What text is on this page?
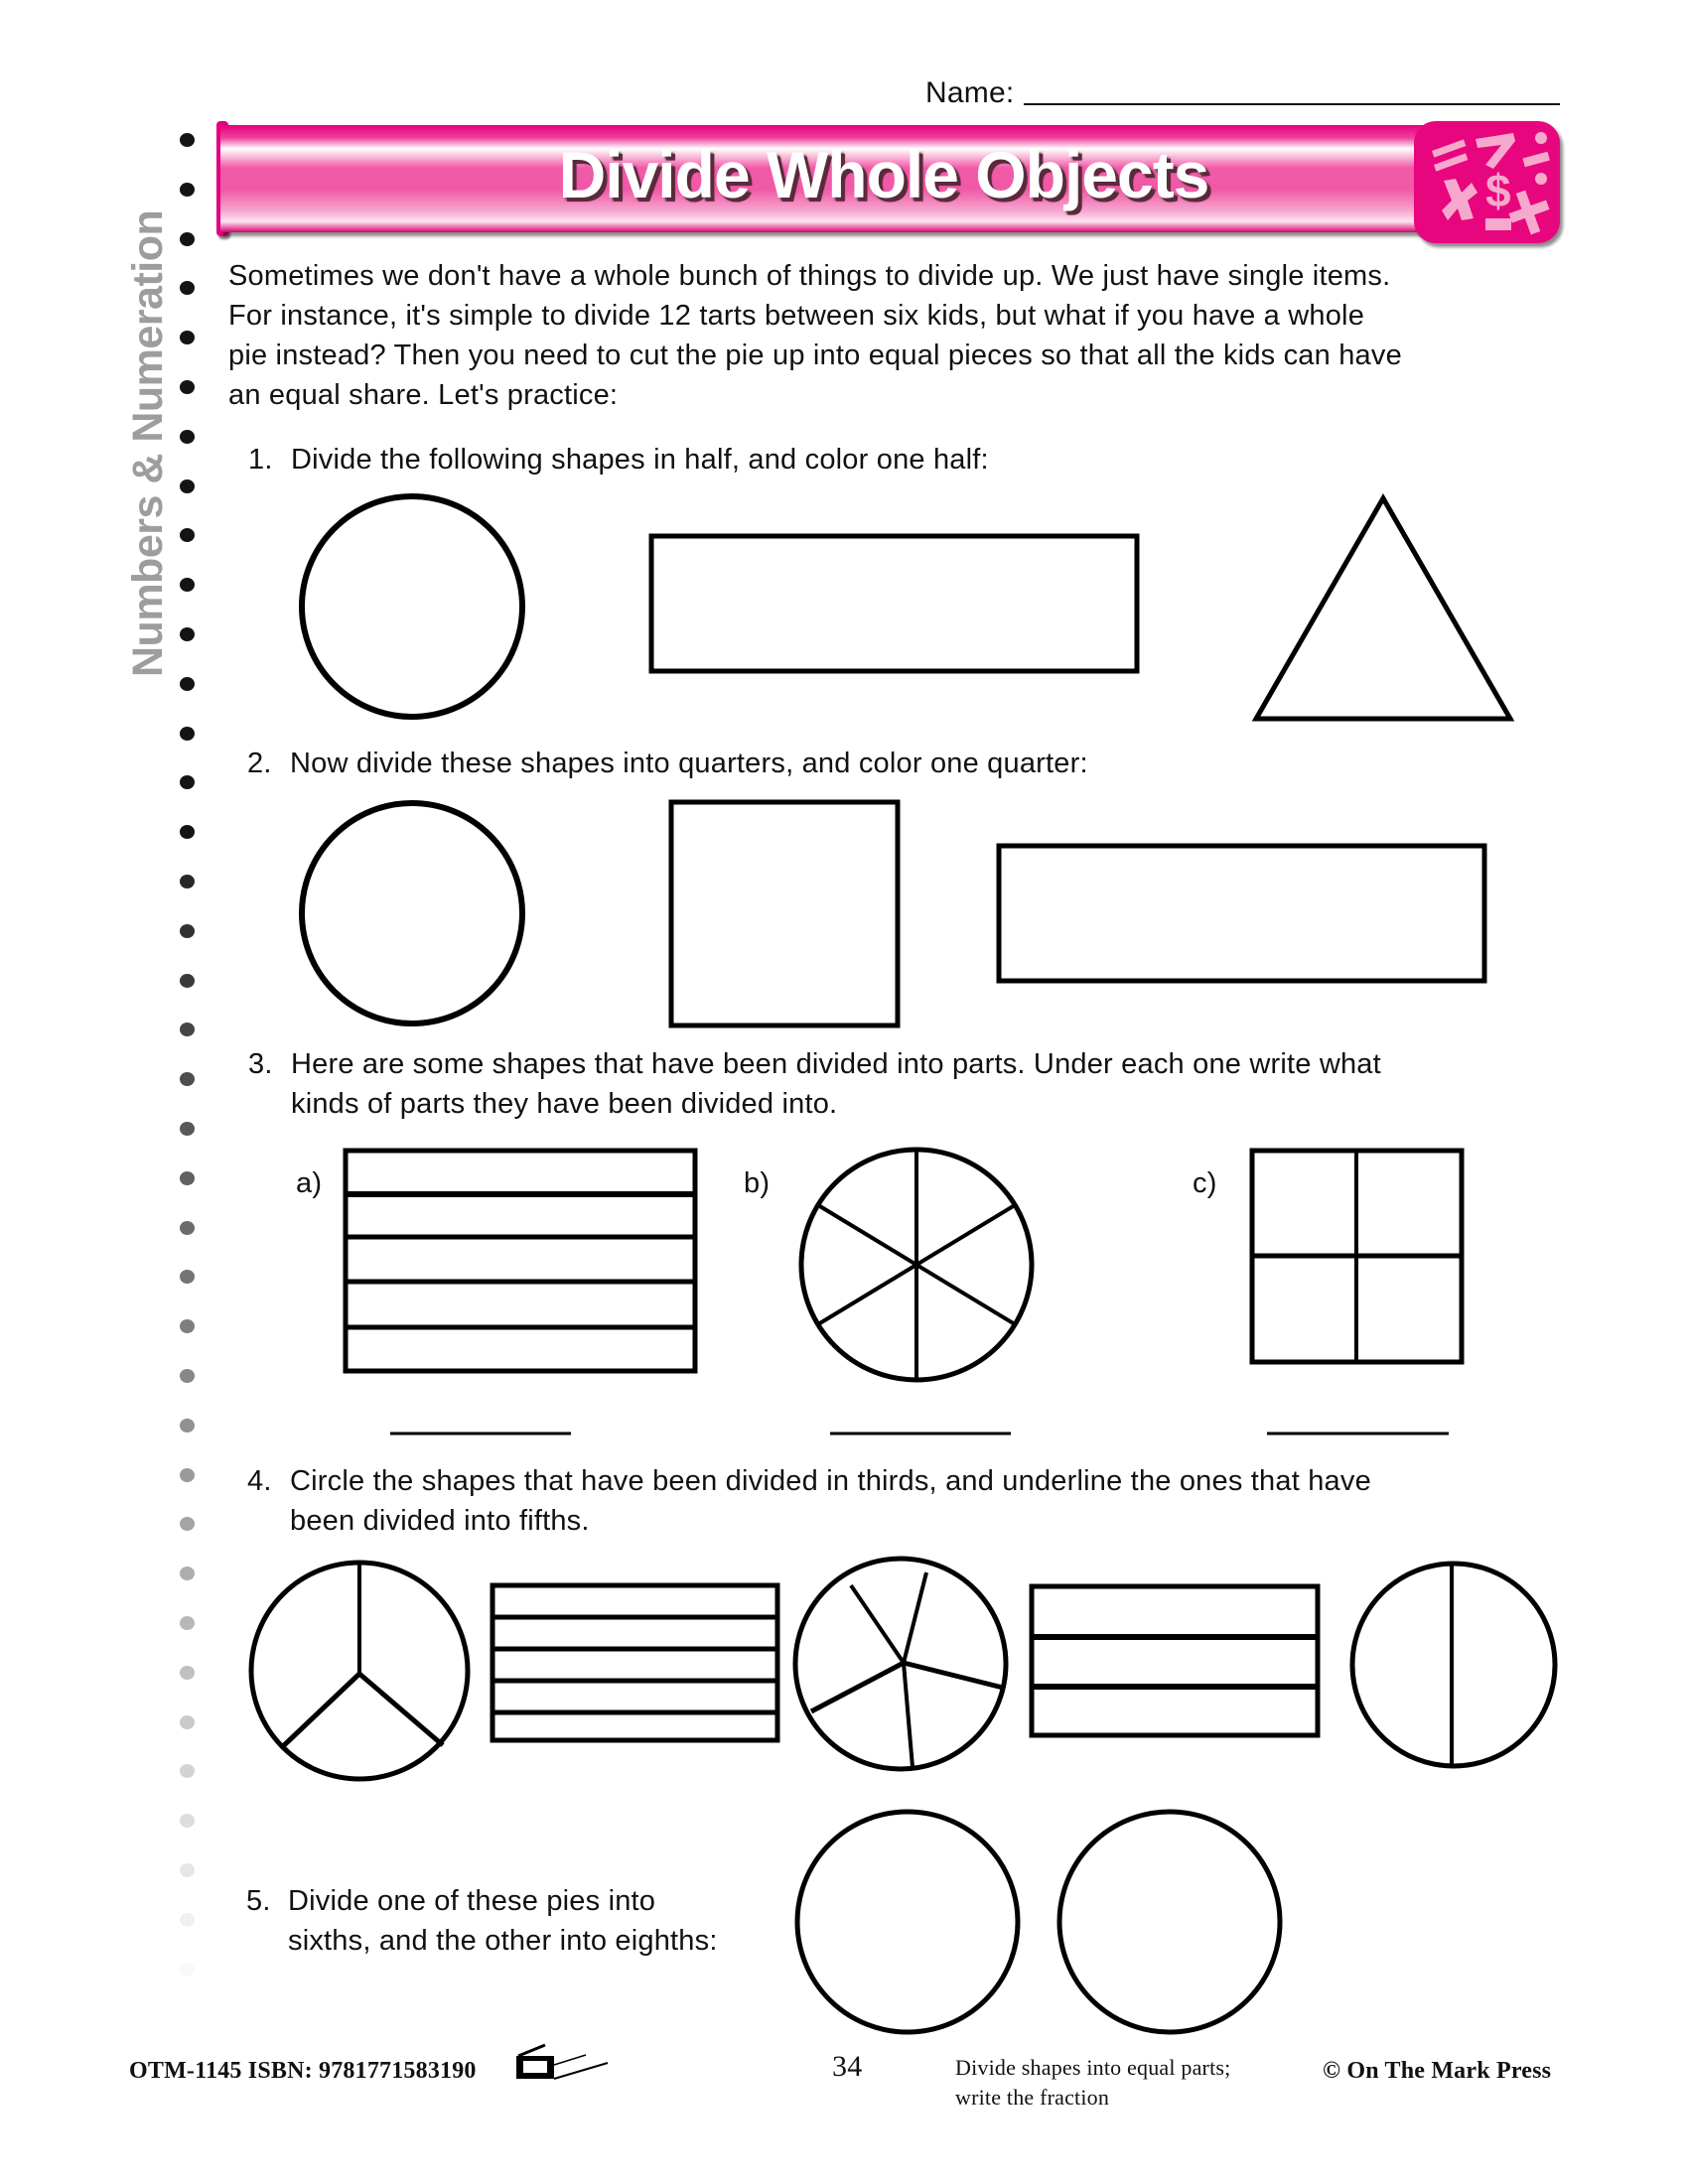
Name:
Divide Whole Objects	$
Numbers & Numeration Sometimes we don't have a whole bunch of things to divide up. We just have single items.
For instance, it's simple to divide 12 tarts between six kids, but what if you have a whole
pie instead? Then you need to cut the pie up into equal pieces so that all the kids can have
an equal share. Let's practice:
1. Divide the following shapes in half, and color one half:
2. Now divide these shapes into quarters, and color one quarter:
3. Here are some shapes that have been divided into parts. Under each one write what
kinds of parts they have been divided into.
a)	b)	c)
4. Circle the shapes that have been divided in thirds, and underline the ones that have
been divided into fifths.
5. Divide one of these pies into
sixths, and the other into eighths:
OTM-1145 ISBN: 9781771583190	34	Divide shapes into equal parts;
write the fraction
© On The Mark Press
